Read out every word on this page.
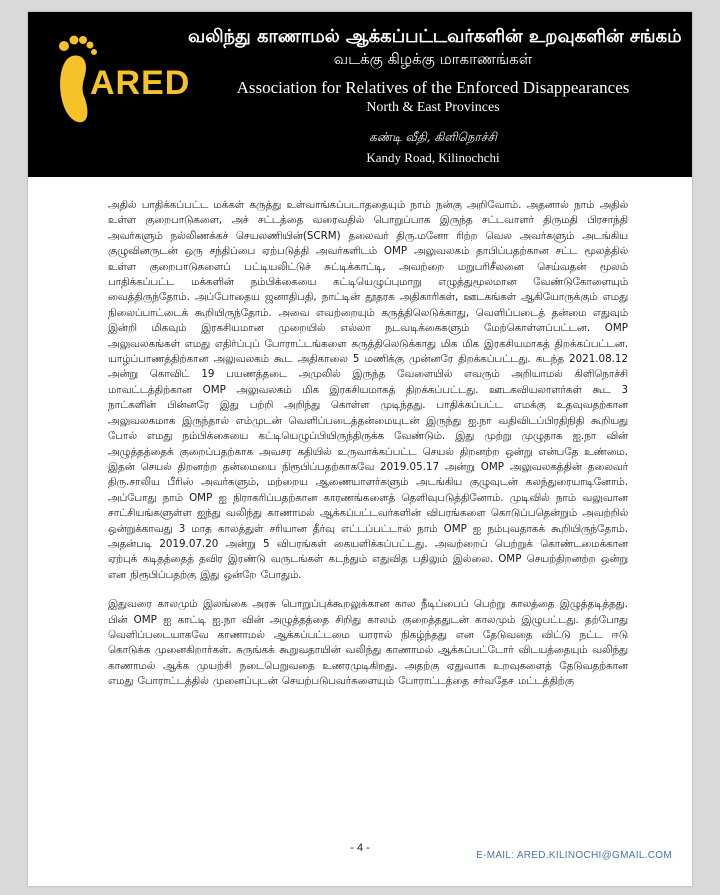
ARED
வலிந்து காணாமல் ஆக்கப்பட்டவர்களின் உறவுகளின் சங்கம்
வடக்கு கிழக்கு மாகாணங்கள்
Association for Relatives of the Enforced Disappearances
North & East Provinces
கண்டி வீதி, கிளிநொச்சி
Kandy Road, Kilinochchi

அதில் பாதிக்கப்பட்ட மக்கள் கருத்து உள்வாங்கப்படாததையும் நாம் நன்கு அறிவோம். அதனால் நாம் அதில் உள்ள குறைபாடுகளை, அச் சட்டத்தை வரைவதில் பொறுப்பாக இருந்த சட்டவாளர் திருமதி பிரசாந்தி அவர்களும் நல்லிணக்கச் செயலணியின்(SCRM) தலைவர் திரு.மனோ ரிற்ற வெல அவர்களும் அடங்கிய குழுவினருடன் ஒரு சந்திப்பை ஏற்படுத்தி அவர்களிடம் OMP அலுவலகம் தாபிப்பதற்கான சட்ட மூலத்தில் உள்ள குறைபாடுகளைப் பட்டியலிட்டுச் சுட்டிக்காட்டி, அவற்றை மறுபரிசீலனை செய்வதன் மூலம் பாதிக்கப்பட்ட மக்களின் நம்பிக்கையை கட்டியெழுப்புமாறு எழுத்துமூலமான வேண்டுகோளையும் வைத்திருந்தோம். அப்போதைய ஜனாதிபதி, நாட்டின் தூதரக அதிகாரிகள், ஊடகங்கள் ஆகியோருக்கும் எமது நிலைப்பாட்டைக் கூறியிருந்தோம். அவை எவற்றையும் கருத்திலெடுக்காது, வெளிப்படைத் தன்மை எதுவும் இன்றி மிகவும் இரகசியமான முறையில் எல்லா நடவடிக்கைகளும் மேற்கொள்ளப்பட்டன. OMP அலுவலகங்கள் எமது எதிர்ப்புப் போராட்டங்களை கருத்திலெடுக்காது மிக மிக இரகசியமாகத் திறக்கப்பட்டன. யாழ்ப்பாணத்திற்கான அலுவலகம் கூட அதிகாலை 5 மணிக்கு முன்னரே திறக்கப்பட்டது. கடந்த 2021.08.12 அன்று கொவிட் 19 பயணத்தடை அமுலில் இருந்த வேளையில் எவரும் அறியாமல் கிளிநொச்சி மாவட்டத்திற்கான OMP அலுவலகம் மிக இரகசியமாகத் திறக்கப்பட்டது. ஊடகவியலாளர்கள் கூட 3 நாட்களின் பின்னரே இது பற்றி அறிந்து கொள்ள முடிந்தது. பாதிக்கப்பட்ட எமக்கு உதவுவதற்கான அலுவலகமாக இருந்தால் எம்முடன் வெளிப்படைத்தன்மையுடன் இருந்து ஐ.நா வதிவிடப்பிரதிநிதி கூறியது போல் எமது நம்பிக்கையை கட்டியெழுப்பியிருந்திருக்க வேண்டும். இது முற்று முழுதாக ஐ.நா வின் அழுத்தத்தைக் குறைப்பதற்காக அவசர கதியில் உருவாக்கப்பட்ட செயல் திறனற்ற ஒன்று என்பதே உண்மை. இதன் செயல் திறனற்ற தன்மையை நிரூபிப்பதற்காகவே 2019.05.17 அன்று OMP அலுவலகத்தின் தலைவர் திரு.சாலிய பீரிஸ் அவர்களும், மற்றைய ஆணையாளர்களும் அடங்கிய குழுவுடன் கலந்துரையாடினோம். அப்போது நாம் OMP ஐ நிராகரிப்பதற்கான காரணங்களைத் தெளிவுபடுத்தினோம். முடிவில் நாம் வலுவான சாட்சியங்களுள்ள ஐந்து வலிந்து காணாமல் ஆக்கப்பட்டவர்களின் விபரங்களை கொடுப்பதென்றும் அவற்றில் ஒன்றுக்காவது 3 மாத காலத்துள் சரியான தீர்வு எட்டப்பட்டால் நாம் OMP ஐ நம்புவதாகக் கூறியிருந்தோம். அதன்படி 2019.07.20 அன்று 5 விபரங்கள் கையளிக்கப்பட்டது. அவற்றைப் பெற்றுக் கொண்டமைக்கான ஏற்புக் கடிதத்தைத் தவிர இரண்டு வருடங்கள் கடந்தும் எதுவித பதிலும் இல்லை. OMP செயற்திறனற்ற ஒன்று என நிரூபிப்பதற்கு இது ஒன்றே போதும்.

இதுவரை காலமும் இலங்கை அரசு பொறுப்புக்கூறலுக்கான கால நீடிப்பைப் பெற்று காலத்தை இழுத்தடித்தது. பின் OMP ஐ காட்டி ஐ.நா வின் அழுத்தத்தை சிறிது காலம் குறைத்ததுடன் காலமும் இழுபட்டது. தற்போது வெளிப்படையாகவே காணாமல் ஆக்கப்பட்டமை யாரால் நிகழ்ந்தது என தேடுவதை விட்டு நட்ட ஈடு கொடுக்க முனைகிறார்கள். சுருங்கக் கூறுவதாயின் வலிந்து காணாமல் ஆக்கப்பட்டோர் விடயத்தையும் வலிந்து காணாமல் ஆக்க முயற்சி நடைபெறுவதை உணரமுடிகிறது. அதற்கு ஏதுவாக உறவுகளைத் தேடுவதற்கான எமது போராட்டத்தில் முனைப்புடன் செயற்படுபவர்களையும் போராட்டத்தை சர்வதேச மட்டத்திற்கு

- 4 -
E-MAIL: ARED.KILINOCHI@GMAIL.COM
